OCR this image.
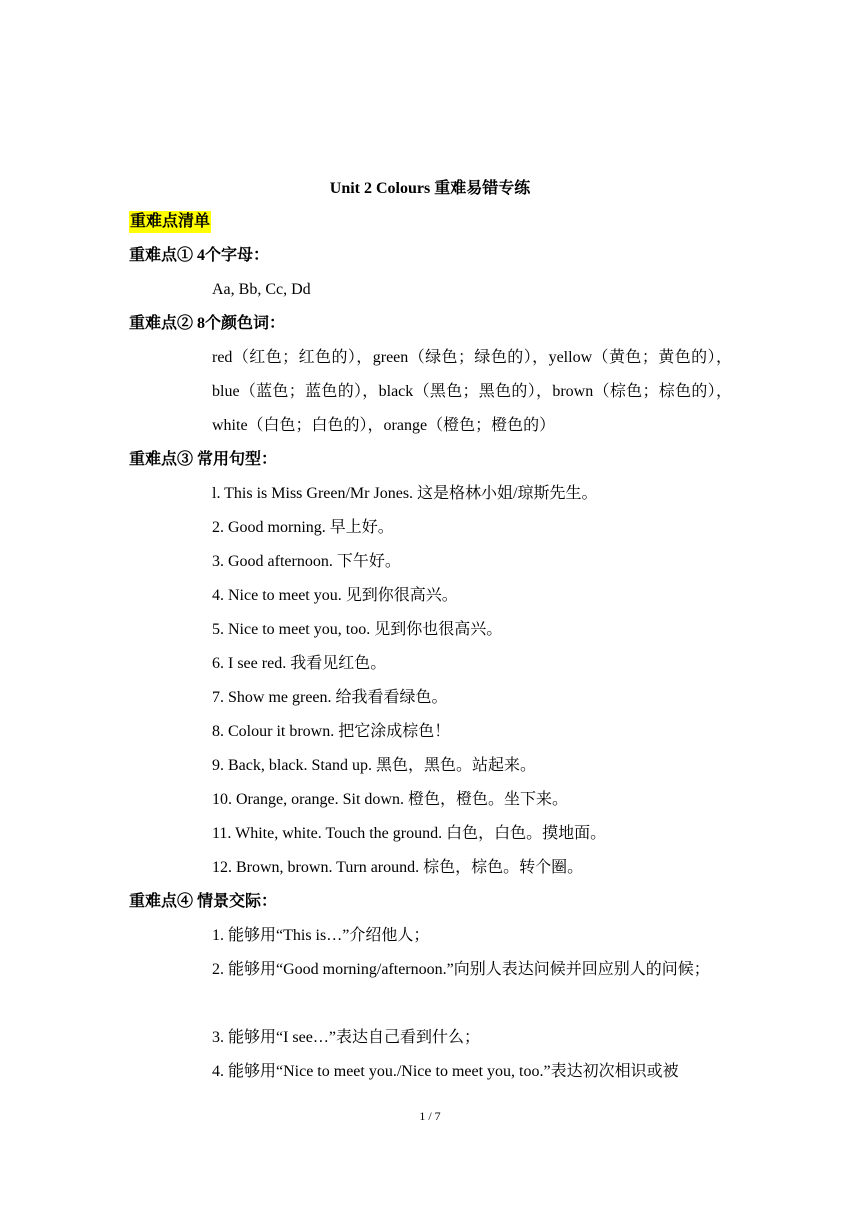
Unit 2 Colours 重难易错专练
重难点清单
重难点① 4个字母：
Aa, Bb, Cc, Dd
重难点② 8个颜色词：
red（红色；红色的），green（绿色；绿色的），yellow（黄色；黄色的），blue（蓝色；蓝色的），black（黑色；黑色的），brown（棕色；棕色的），white（白色；白色的），orange（橙色；橙色的）
重难点③ 常用句型：
l. This is Miss Green/Mr Jones. 这是格林小姐/琼斯先生。
2. Good morning. 早上好。
3. Good afternoon. 下午好。
4. Nice to meet you. 见到你很高兴。
5. Nice to meet you, too. 见到你也很高兴。
6. I see red. 我看见红色。
7. Show me green. 给我看看绿色。
8. Colour it brown. 把它涂成棕色！
9. Back, black. Stand up. 黑色，黑色。站起来。
10. Orange, orange. Sit down. 橙色，橙色。坐下来。
11. White, white. Touch the ground. 白色，白色。摸地面。
12. Brown, brown. Turn around. 棕色，棕色。转个圈。
重难点④ 情景交际：
1. 能够用“This is…”介绍他人；
2. 能够用“Good morning/afternoon.”向别人表达问候并回应别人的问候；
3. 能够用“I see…”表达自己看到什么；
4. 能够用“Nice to meet you./Nice to meet you, too.”表达初次相识或被
1 / 7
